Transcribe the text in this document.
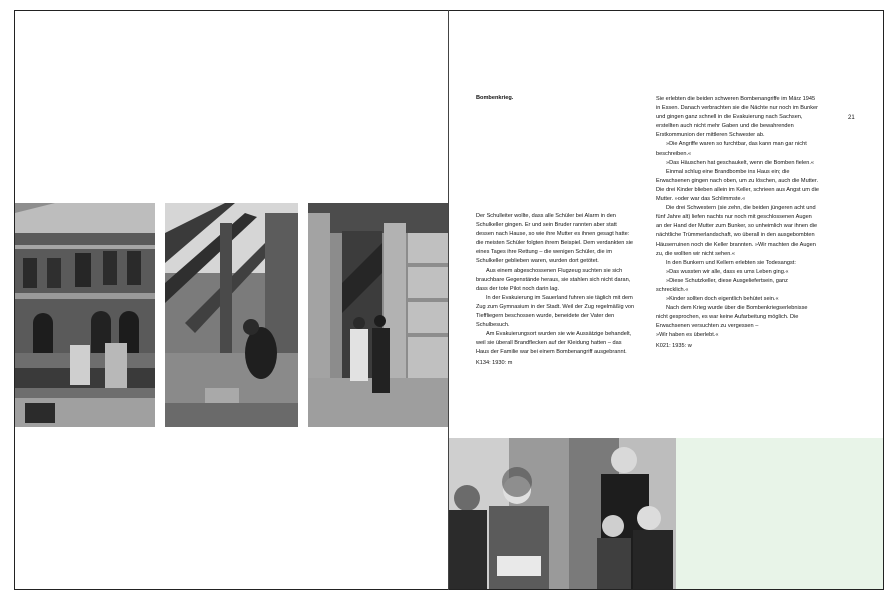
Bombenkrieg.

Der Schulleiter wollte, dass alle Schüler bei Alarm in den Schulkeller gingen. Er und sein Bruder rannten aber statt dessen nach Hause, so wie ihre Mutter es ihnen gesagt hatte: die meisten Schüler folgten ihrem Beispiel. Dem verdankten sie eines Tages ihre Rettung – die wenigen Schüler, die im Schulkeller geblieben waren, wurden dort getötet.

Aus einem abgeschossenen Flugzeug suchten sie sich brauchbare Gegenstände heraus, sie stahlen sich nicht daran, dass der tote Pilot noch darin lag.

In der Evakuierung im Sauerland fuhren sie täglich mit dem Zug zum Gymnasium in der Stadt. Weil der Zug regelmäßig von Tieffliegern beschossen wurde, beneidete der Vater den Schulbesuch.

Am Evakuierungsort wurden sie wie Aussätzige behandelt, weil sie überall Brandflecken auf der Kleidung hatten – das Haus der Familie war bei einem Bombenangriff ausgebrannt.

K134: 1930: m

Sie erlebten die beiden schweren Bombenangriffe im März 1945 in Essen. Danach verbrachten sie die Nächte nur noch im Bunker und gingen ganz schnell in die Evakuierung nach Sachsen, erstellten auch nicht mehr Gaben und die bewahrenden Erstkommunion der mittleren Schwester ab.

»Die Angriffe waren so furchtbar, das kann man gar nicht beschreiben.«

»Das Häuschen hat geschaukelt, wenn die Bomben fielen.«

Einmal schlug eine Brandbombe ins Haus ein; die Erwachsenen gingen nach oben, um zu löschen, auch die Mutter. Die drei Kinder blieben allein im Keller, schrieen aus Angst um die Mutter. »oder war das Schlimmste.«

Die drei Schwestern (sie zehn, die beiden jüngeren acht und fünf Jahre alt) liefen nachts nur noch mit geschlossenen Augen an der Hand der Mutter zum Bunker, so unheimlich war ihnen die nächtliche Trümmerlandschaft, wo überall in den ausgebombten Häuserruinen noch die Keller brannten. »Wir machten die Augen zu, die wollten wir nicht sehen.«

In den Bunkern und Kellern erlebten sie Todesangst:

»Das wussten wir alle, dass es ums Leben ging.«

»Diese Schutzkeller, diese Ausgeliefertsein, ganz schrecklich.«

»Kinder sollten doch eigentlich behütet sein.«

Nach dem Krieg wurde über die Bombenkriegserlebnisse nicht gesprochen, es war keine Aufarbeitung möglich. Die Erwachsenen versuchten zu vergessen –

»Wir haben es überlebt.«

K021: 1935: w

21
